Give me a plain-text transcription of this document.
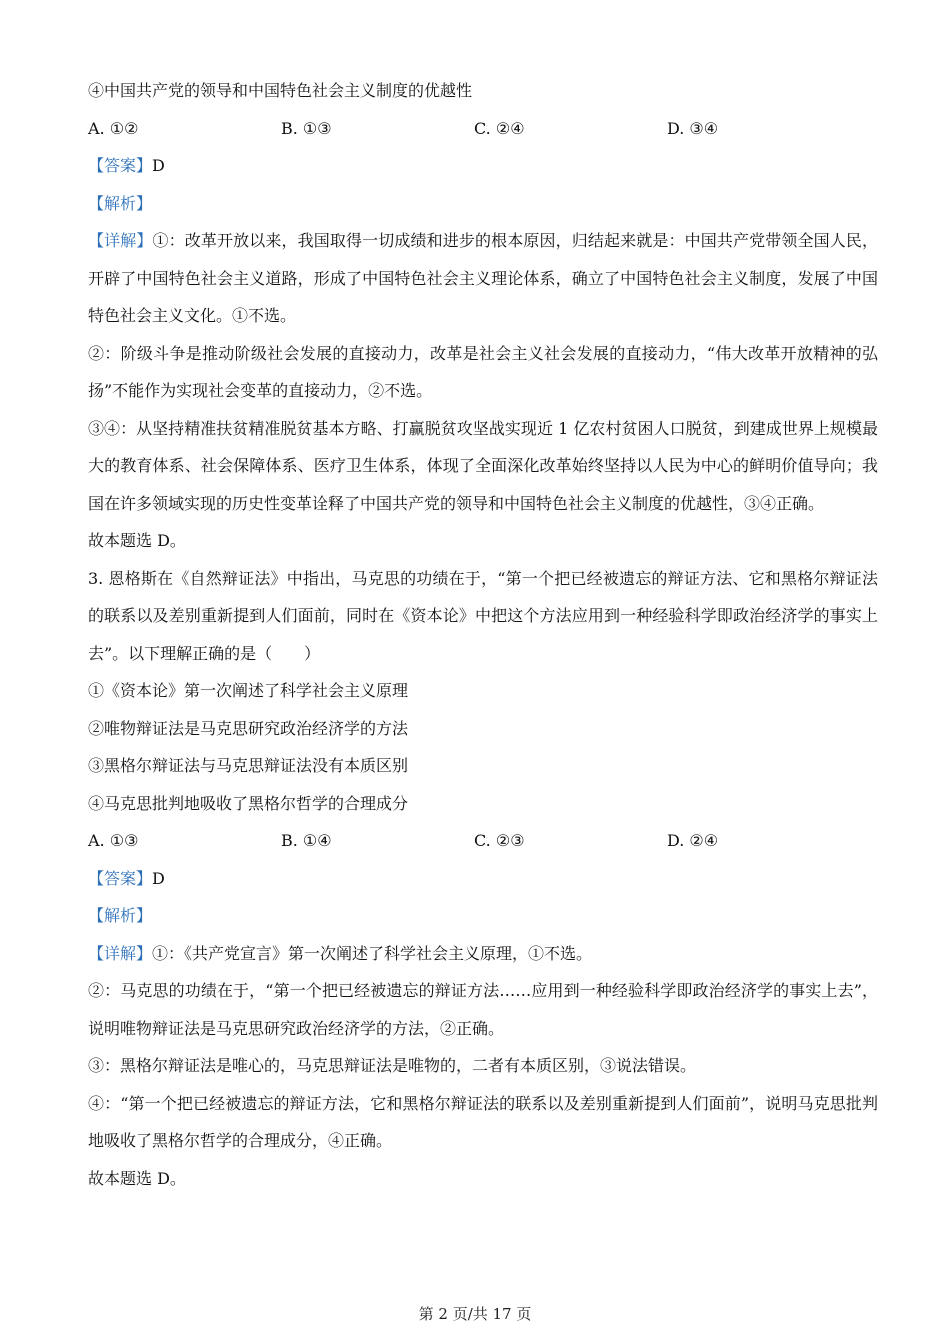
④中国共产党的领导和中国特色社会主义制度的优越性
A. ①②	B. ①③	C. ②④	D. ③④
【答案】D
【解析】
【详解】①：改革开放以来，我国取得一切成绩和进步的根本原因，归结起来就是：中国共产党带领全国人民，开辟了中国特色社会主义道路，形成了中国特色社会主义理论体系，确立了中国特色社会主义制度，发展了中国特色社会主义文化。①不选。
②：阶级斗争是推动阶级社会发展的直接动力，改革是社会主义社会发展的直接动力，“伟大改革开放精神的弘扬”不能作为实现社会变革的直接动力，②不选。
③④：从坚持精准扶贫精准脱贫基本方略、打赢脱贫攻坚战实现近 1 亿农村贫困人口脱贫，到建成世界上规模最大的教育体系、社会保障体系、医疗卫生体系，体现了全面深化改革始终坚持以人民为中心的鲜明价值导向；我国在许多领域实现的历史性变革诠释了中国共产党的领导和中国特色社会主义制度的优越性，③④正确。
故本题选 D。
3. 恩格斯在《自然辩证法》中指出，马克思的功绩在于，“第一个把已经被遗忘的辩证方法、它和黑格尔辩证法的联系以及差别重新提到人们面前，同时在《资本论》中把这个方法应用到一种经验科学即政治经济学的事实上去”。以下理解正确的是（　　）
①《资本论》第一次阐述了科学社会主义原理
②唯物辩证法是马克思研究政治经济学的方法
③黑格尔辩证法与马克思辩证法没有本质区别
④马克思批判地吸收了黑格尔哲学的合理成分
A. ①③	B. ①④	C. ②③	D. ②④
【答案】D
【解析】
【详解】①：《共产党宣言》第一次阐述了科学社会主义原理，①不选。
②：马克思的功绩在于，“第一个把已经被遗忘的辩证方法……应用到一种经验科学即政治经济学的事实上去”，说明唯物辩证法是马克思研究政治经济学的方法，②正确。
③：黑格尔辩证法是唯心的，马克思辩证法是唯物的，二者有本质区别，③说法错误。
④：“第一个把已经被遗忘的辩证方法，它和黑格尔辩证法的联系以及差别重新提到人们面前”，说明马克思批判地吸收了黑格尔哲学的合理成分，④正确。
故本题选 D。
第 2 页/共 17 页
